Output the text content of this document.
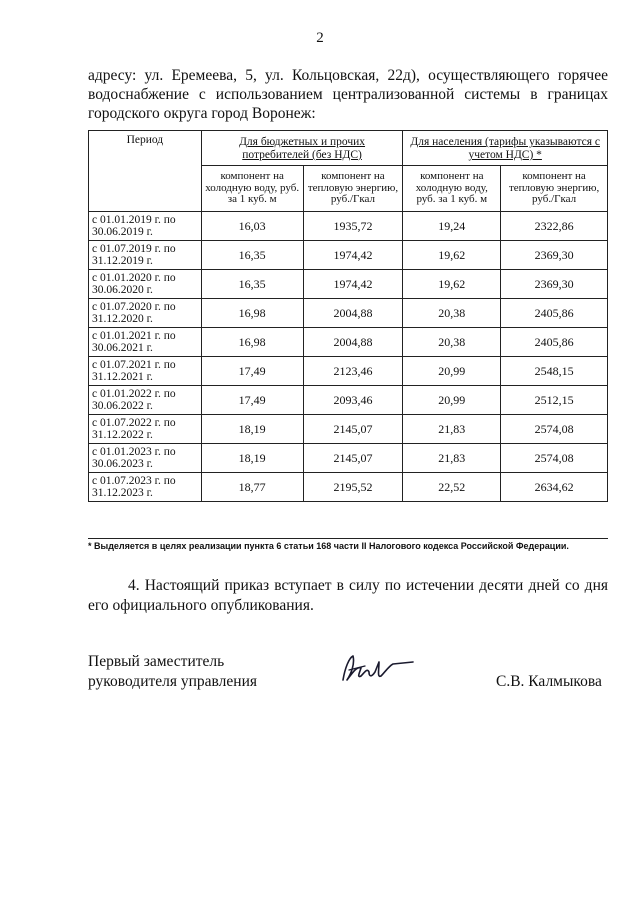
2
адресу: ул. Еремеева, 5, ул. Кольцовская, 22д), осуществляющего горячее
водоснабжение с использованием централизованной системы в границах
городского округа город Воронеж:
Период	Для бюджетных и прочих потребителей (без НДС)		Для населения (тарифы указываются с учетом НДС) *	
	компонент на холодную воду, руб. за 1 куб. м	компонент на тепловую энергию, руб./Гкал	компонент на холодную воду, руб. за 1 куб. м	компонент на тепловую энергию, руб./Гкал
с 01.01.2019 г. по 30.06.2019 г.	16,03	1935,72	19,24	2322,86
с 01.07.2019 г. по 31.12.2019 г.	16,35	1974,42	19,62	2369,30
с 01.01.2020 г. по 30.06.2020 г.	16,35	1974,42	19,62	2369,30
с 01.07.2020 г. по 31.12.2020 г.	16,98	2004,88	20,38	2405,86
с 01.01.2021 г. по 30.06.2021 г.	16,98	2004,88	20,38	2405,86
с 01.07.2021 г. по 31.12.2021 г.	17,49	2123,46	20,99	2548,15
с 01.01.2022 г. по 30.06.2022 г.	17,49	2093,46	20,99	2512,15
с 01.07.2022 г. по 31.12.2022 г.	18,19	2145,07	21,83	2574,08
с 01.01.2023 г. по 30.06.2023 г.	18,19	2145,07	21,83	2574,08
с 01.07.2023 г. по 31.12.2023 г.	18,77	2195,52	22,52	2634,62
* Выделяется в целях реализации пункта 6 статьи 168 части II Налогового кодекса Российской Федерации.
4. Настоящий приказ вступает в силу по истечении десяти дней со дня
его официального опубликования.
Первый заместитель
руководителя управления	С.В. Калмыкова
